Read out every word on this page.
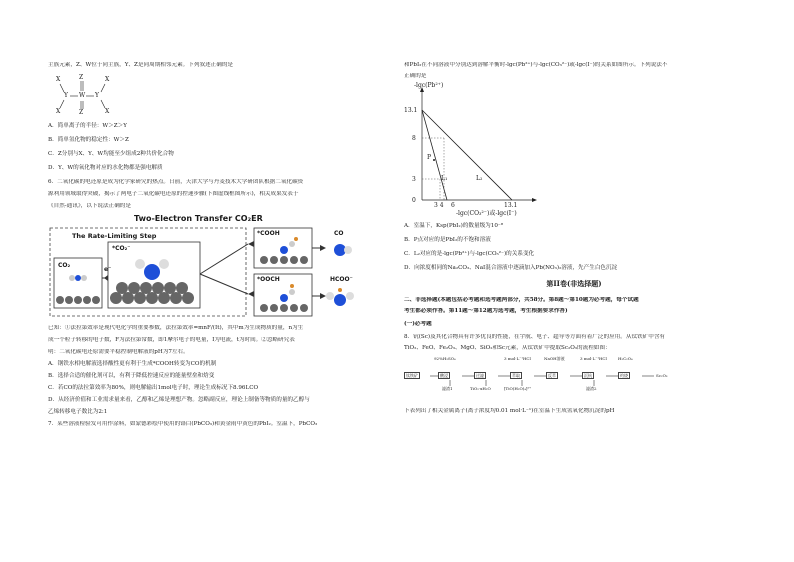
主族元素，Z、W位于同主族，Y、Z是同周期相邻元素。下列叙述正确的是

X
X
Y
Z
W
Z
Y
X
X
A．简单离子的半径：W＞Z＞Y
B．简单氢化物的稳定性：W＞Z
C．Z分别与X、Y、W均能至少组成2种共价化合物
D．Y、W的氧化物对应的水化物都是强电解质

6．二氧化碳的电还原是成为化学家研究的热点。日前，天津大学与丹麦技术大学研团队根据二氧化碳资

源利用领域取得突破，揭示了两电子二氧化碳电还原的控速步骤(下图虚线框图所示)，相关成果发表于

《自然-通讯》，以下说法正确的是

Two-Electron Transfer CO₂ER
The Rate-Limiting Step
CO₂
e⁻
*CO₂⁻
*COOH
*OOCH
CO
HCOO⁻

已知：①法拉第效率是现代电化学的重要参数，法拉第效率=mnF/(It)，其中m为生成物质的量，n为生

成一个粒子转移的电子数，F为法拉第常数，即1摩尔电子的电量，I为电流，t为时间。②忽略研究表

明：二氧化碳电还原需要平稳控制电解液的pH为7左右。

A．钢铁水相电解液选择酸性更有利于生成*COOH转变为CO的机制
B．选择合适的催化剂可以，有利于降低控速反应的能量壁垒和焓变
C．若CO的法拉第效率为80%，则电解输出1mol电子时，理论生成标况下8.96LCO
D．从经济价值和工业需求量来看，乙醇和乙烯是理想产物。忽略副反应，理论上制备等物质的量的乙醇与
乙烯转移电子数比为2:1

7．某些溶液检验发可用作涂料，如蒙德彩绘中使用的铬白(PbCO₃)和黄金雨中黄色的PbI₂。室温下，PbCO₃

和PbI₂在不同溶液中分别达到溶解平衡时-lgc(Pb²⁺)与-lgc(CO₃²⁻)或-lgc(I⁻)的关系如图所示。下列说法不

正确的是

-lgc(Pb²⁺)
13.1
8
3
0
3 4 6	13.1
P
L₁	L₂
-lgc(CO₃²⁻)或-lgc(I⁻)
A．室温下，Ksp(PbI₂)的数量级为10⁻⁸
B．P点对应的是PbI₂的不饱和溶液
C．L₂对应的是-lgc(Pb²⁺)与-lgc(CO₃²⁻)的关系变化
D．向浓度相同的Na₂CO₃、NaI混合溶液中逐滴加入Pb(NO₃)₂溶液，先产生白色沉淀
第II卷(非选择题)

二、非选择题(本题包括必考题和选考题两部分，共58分。第8题～第10题为必考题，每个试题

考生都必须作答。第11题～第12题为选考题，考生根据要求作答)

(一)必考题

8．钪(Sc)及其化合物具有许多优良的性能，在宇航、电子、超导等方面有着广泛的应用。从钛铁矿中含有

TiO₂、FeO、Fe₂O₃、MgO、SiO₂和Sc元素，从钛铁矿中提取Sc₂O₃的流程如图：

钛铁矿	酸浸	过滤	萃取	反萃	沉钪	灼烧
92%H₂SO₄	3 mol·L⁻¹HCl	NaOH溶液	3 mol·L⁻¹HCl	H₂C₂O₄
滤渣1	TiO₂·xH₂O	[TiO(H₂O)₄]²⁺	滤渣2
Sc₂O₃

下表列出了相关金属离子(离子浓度均0.01 mol·L⁻¹)在室温下生成氢氧化物沉淀的pH
